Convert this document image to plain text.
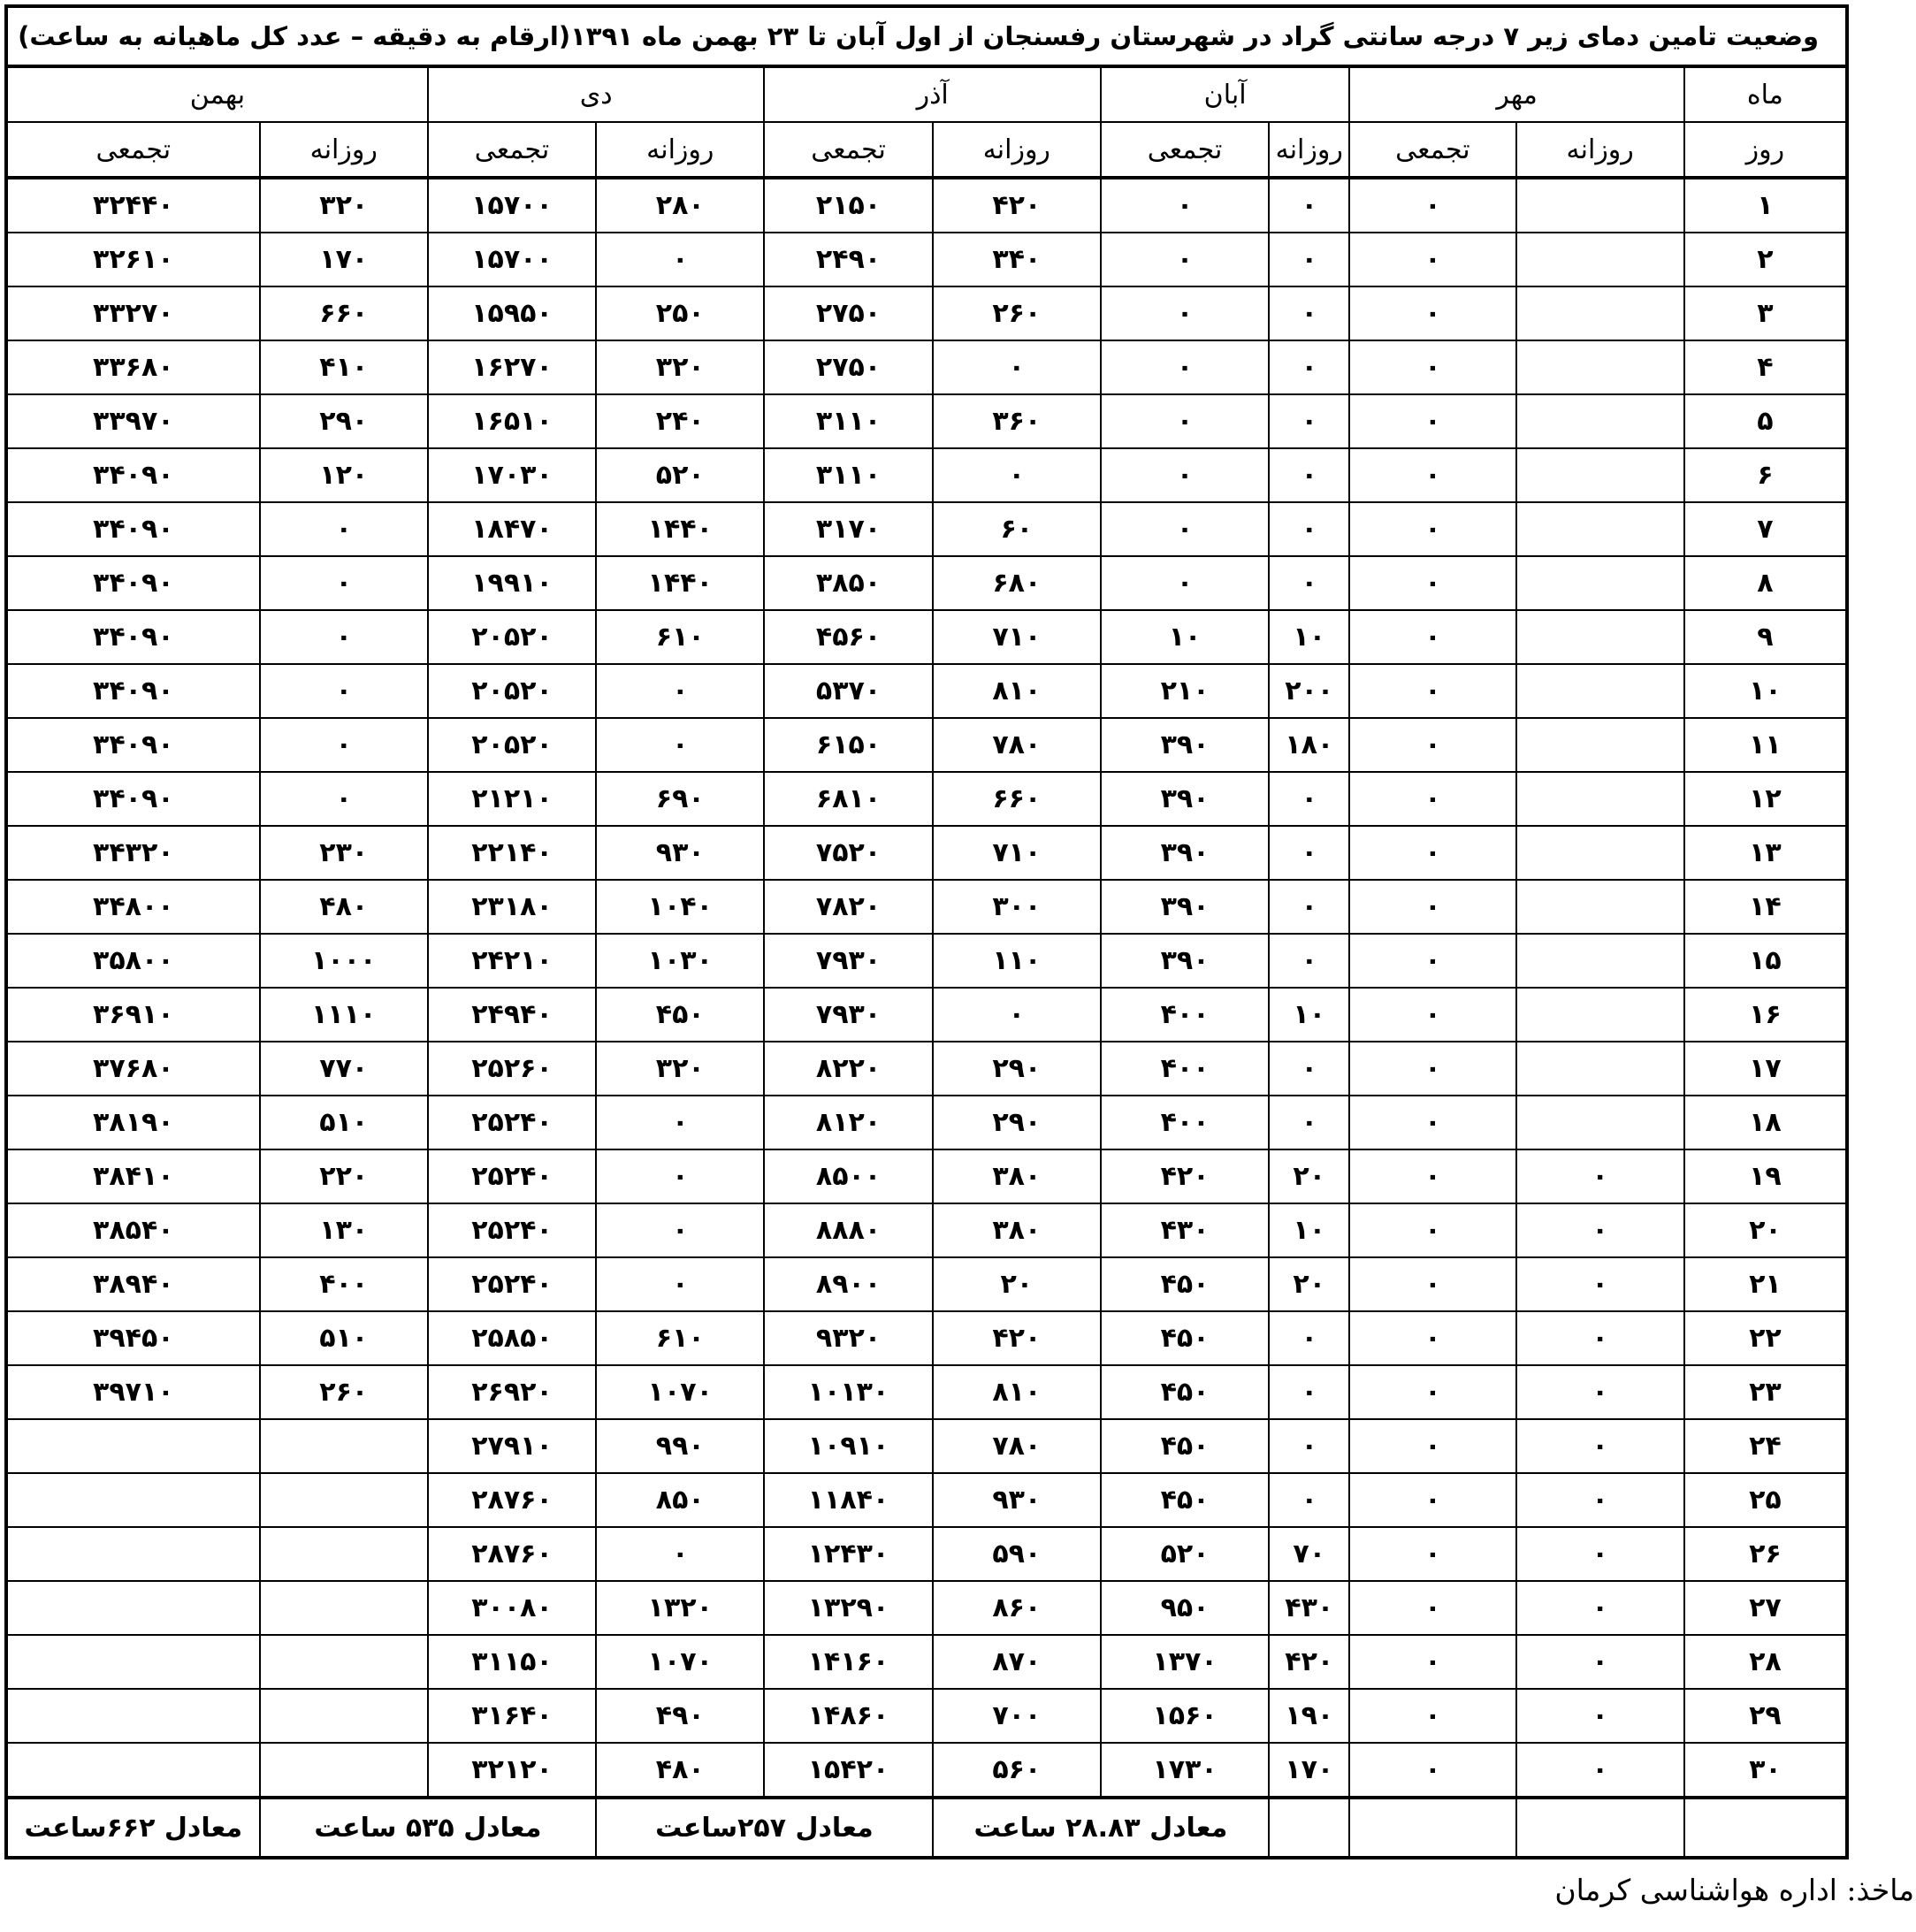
وضعیت تامین دمای زیر ۷ درجه سانتی گراد در شهرستان رفسنجان از اول آبان تا ۲۳ بهمن ماه ۱۳۹۱(ارقام به دقیقه – عدد کل ماهیانه به ساعت)										
ماه	مهر		آبان		آذر		دی		بهمن	
روز	روزانه	تجمعی	روزانه	تجمعی	روزانه	تجمعی	روزانه	تجمعی	روزانه	تجمعی
۱		۰	۰	۰	۴۲۰	۲۱۵۰	۲۸۰	۱۵۷۰۰	۳۲۰	۳۲۴۴۰
۲		۰	۰	۰	۳۴۰	۲۴۹۰	۰	۱۵۷۰۰	۱۷۰	۳۲۶۱۰
۳		۰	۰	۰	۲۶۰	۲۷۵۰	۲۵۰	۱۵۹۵۰	۶۶۰	۳۳۲۷۰
۴		۰	۰	۰	۰	۲۷۵۰	۳۲۰	۱۶۲۷۰	۴۱۰	۳۳۶۸۰
۵		۰	۰	۰	۳۶۰	۳۱۱۰	۲۴۰	۱۶۵۱۰	۲۹۰	۳۳۹۷۰
۶		۰	۰	۰	۰	۳۱۱۰	۵۲۰	۱۷۰۳۰	۱۲۰	۳۴۰۹۰
۷		۰	۰	۰	۶۰	۳۱۷۰	۱۴۴۰	۱۸۴۷۰	۰	۳۴۰۹۰
۸		۰	۰	۰	۶۸۰	۳۸۵۰	۱۴۴۰	۱۹۹۱۰	۰	۳۴۰۹۰
۹		۰	۱۰	۱۰	۷۱۰	۴۵۶۰	۶۱۰	۲۰۵۲۰	۰	۳۴۰۹۰
۱۰		۰	۲۰۰	۲۱۰	۸۱۰	۵۳۷۰	۰	۲۰۵۲۰	۰	۳۴۰۹۰
۱۱		۰	۱۸۰	۳۹۰	۷۸۰	۶۱۵۰	۰	۲۰۵۲۰	۰	۳۴۰۹۰
۱۲		۰	۰	۳۹۰	۶۶۰	۶۸۱۰	۶۹۰	۲۱۲۱۰	۰	۳۴۰۹۰
۱۳		۰	۰	۳۹۰	۷۱۰	۷۵۲۰	۹۳۰	۲۲۱۴۰	۲۳۰	۳۴۳۲۰
۱۴		۰	۰	۳۹۰	۳۰۰	۷۸۲۰	۱۰۴۰	۲۳۱۸۰	۴۸۰	۳۴۸۰۰
۱۵		۰	۰	۳۹۰	۱۱۰	۷۹۳۰	۱۰۳۰	۲۴۲۱۰	۱۰۰۰	۳۵۸۰۰
۱۶		۰	۱۰	۴۰۰	۰	۷۹۳۰	۴۵۰	۲۴۹۴۰	۱۱۱۰	۳۶۹۱۰
۱۷		۰	۰	۴۰۰	۲۹۰	۸۲۲۰	۳۲۰	۲۵۲۶۰	۷۷۰	۳۷۶۸۰
۱۸		۰	۰	۴۰۰	۲۹۰	۸۱۲۰	۰	۲۵۲۴۰	۵۱۰	۳۸۱۹۰
۱۹	۰	۰	۲۰	۴۲۰	۳۸۰	۸۵۰۰	۰	۲۵۲۴۰	۲۲۰	۳۸۴۱۰
۲۰	۰	۰	۱۰	۴۳۰	۳۸۰	۸۸۸۰	۰	۲۵۲۴۰	۱۳۰	۳۸۵۴۰
۲۱	۰	۰	۲۰	۴۵۰	۲۰	۸۹۰۰	۰	۲۵۲۴۰	۴۰۰	۳۸۹۴۰
۲۲	۰	۰	۰	۴۵۰	۴۲۰	۹۳۲۰	۶۱۰	۲۵۸۵۰	۵۱۰	۳۹۴۵۰
۲۳	۰	۰	۰	۴۵۰	۸۱۰	۱۰۱۳۰	۱۰۷۰	۲۶۹۲۰	۲۶۰	۳۹۷۱۰
۲۴	۰	۰	۰	۴۵۰	۷۸۰	۱۰۹۱۰	۹۹۰	۲۷۹۱۰		
۲۵	۰	۰	۰	۴۵۰	۹۳۰	۱۱۸۴۰	۸۵۰	۲۸۷۶۰		
۲۶	۰	۰	۷۰	۵۲۰	۵۹۰	۱۲۴۳۰	۰	۲۸۷۶۰		
۲۷	۰	۰	۴۳۰	۹۵۰	۸۶۰	۱۳۲۹۰	۱۳۲۰	۳۰۰۸۰		
۲۸	۰	۰	۴۲۰	۱۳۷۰	۸۷۰	۱۴۱۶۰	۱۰۷۰	۳۱۱۵۰		
۲۹	۰	۰	۱۹۰	۱۵۶۰	۷۰۰	۱۴۸۶۰	۴۹۰	۳۱۶۴۰		
۳۰	۰	۰	۱۷۰	۱۷۳۰	۵۶۰	۱۵۴۲۰	۴۸۰	۳۲۱۲۰		
				معادل ۲۸.۸۳ ساعت		معادل ۲۵۷ساعت		معادل ۵۳۵ ساعت		معادل ۶۶۲ساعت
ماخذ: اداره هواشناسی کرمان
